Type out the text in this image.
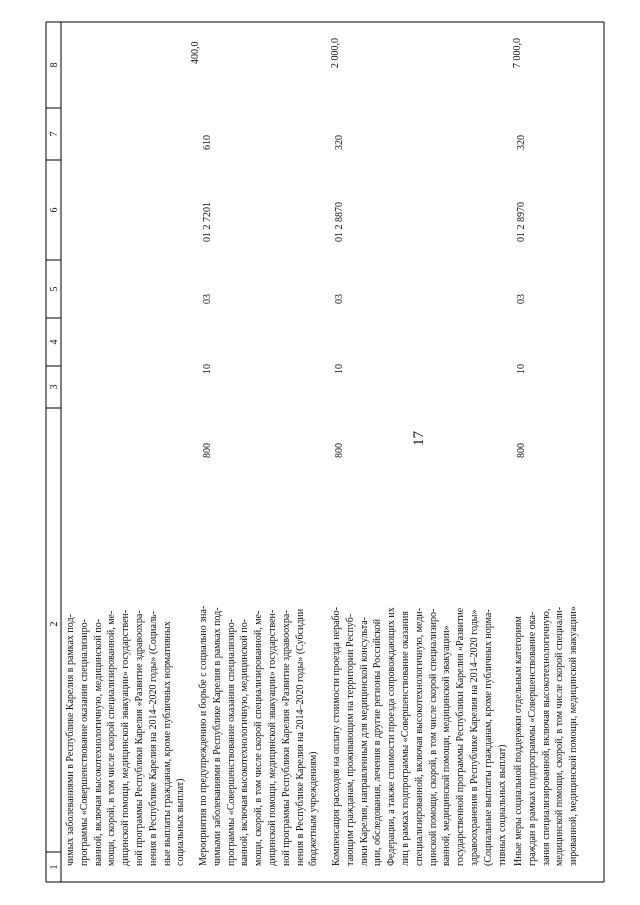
17
8
7
6
5
4
3
2
1
чимых заболеваниями в Республике Карелия в рамках под- программы «Совершенствование оказания специализиро- ванной, включая высокотехнологичную, медицинской по- мощи, скорой, в том числе скорой специализированной, ме- дицинской помощи, медицинской эвакуации» государствен- ной программы Республики Карелия «Развитие здравоохра- нения в Республике Карелия на 2014–2020 годы» (Социаль- ные выплаты гражданам, кроме публичных нормативных социальных выплат)
400,0
Мероприятия по предупреждению и борьбе с социально зна- чимыми заболеваниями в Республике Карелия в рамках под- программы «Совершенствование оказания специализиро- ванной, включая высокотехнологичную, медицинской по- мощи, скорой, в том числе скорой специализированной, ме- дицинской помощи, медицинской эвакуации» государствен- ной программы Республики Карелия «Развитие здравоохра- нения в Республике Карелия на 2014–2020 годы» (Субсидии бюджетным учреждениям)
800
10
03
01 2 7201
610
2 000,0
Компенсация расходов на оплату стоимости проезда нерабо- тающим гражданам, проживающим на территории Респуб- лики Карелия, направленным для медицинской консульта- ции, обследования, лечения в другие регионы Российской Федерации, а также стоимости проезда сопровождающих их лиц в рамках подпрограммы «Совершенствование оказания специализированной, включая высокотехнологичную, меди- цинской помощи, скорой, в том числе скорой специализиро- ванной, медицинской помощи, медицинской эвакуации» государственной программы Республики Карелия «Развитие здравоохранения в Республике Карелия на 2014–2020 годы» (Социальные выплаты гражданам, кроме публичных норма- тивных социальных выплат)
800
10
03
01 2 8870
320
7 000,0
Иные меры социальной поддержки отдельным категориям граждан в рамках подпрограммы «Совершенствование ока- зания специализированной, включая высокотехнологичную, медицинской помощи, скорой, в том числе скорой специали- зированной, медицинской помощи, медицинской эвакуации»
800
10
03
01 2 8970
320
